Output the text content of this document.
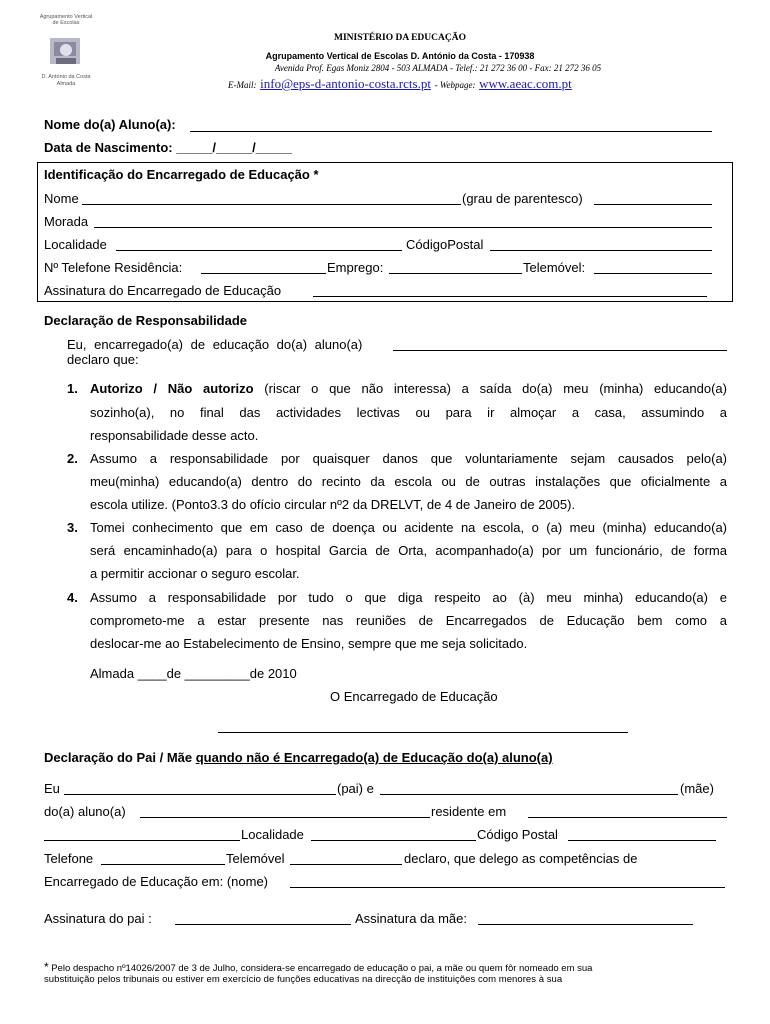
Agrupamento Vertical de Escolas
D. António da Costa Almada
MINISTÉRIO DA EDUCAÇÃO
Agrupamento Vertical de Escolas D. António da Costa - 170938
Avenida Prof. Egas Moniz 2804 - 503 ALMADA - Telef.: 21 272 36 00 - Fax: 21 272 36 05
E-Mail: info@eps-d-antonio-costa.rcts.pt - Webpage: www.aeac.com.pt
Nome do(a) Aluno(a):
Data de Nascimento: _____/_____/_____
Identificação do Encarregado de Educação *
Nome	(grau de parentesco)
Morada
Localidade	CódigoPostal
Nº Telefone Residência:	Emprego:	Telemóvel:
Assinatura do Encarregado de Educação
Declaração de Responsabilidade
Eu, encarregado(a) de educação do(a) aluno(a)
declaro que:
1. Autorizo / Não autorizo (riscar o que não interessa) a saída do(a) meu (minha) educando(a)
sozinho(a), no final das actividades lectivas ou para ir almoçar a casa, assumindo a
responsabilidade desse acto.
2. Assumo a responsabilidade por quaisquer danos que voluntariamente sejam causados pelo(a)
meu(minha) educando(a) dentro do recinto da escola ou de outras instalações que oficialmente a
escola utilize. (Ponto3.3 do ofício circular nº2 da DRELVT, de 4 de Janeiro de 2005).
3. Tomei conhecimento que em caso de doença ou acidente na escola, o (a) meu (minha) educando(a)
será encaminhado(a) para o hospital Garcia de Orta, acompanhado(a) por um funcionário, de forma
a permitir accionar o seguro escolar.
4. Assumo a responsabilidade por tudo o que diga respeito ao (à) meu minha) educando(a) e
comprometo-me a estar presente nas reuniões de Encarregados de Educação bem como a
deslocar-me ao Estabelecimento de Ensino, sempre que me seja solicitado.
Almada ____de _________de 2010
O Encarregado de Educação
Declaração do Pai / Mãe quando não é Encarregado(a) de Educação do(a) aluno(a)
Eu	(pai) e	(mãe)
do(a) aluno(a)	residente em
Localidade	Código Postal
Telefone	Telemóvel	declaro, que delego as competências de
Encarregado de Educação em: (nome)
Assinatura do pai :	Assinatura da mãe:
* Pelo despacho nº14026/2007 de 3 de Julho, considera-se encarregado de educação o pai, a mãe ou quem fôr nomeado em sua
substituição pelos tribunais ou estiver em exercício de funções educativas na direcção de instituições com menores à sua
